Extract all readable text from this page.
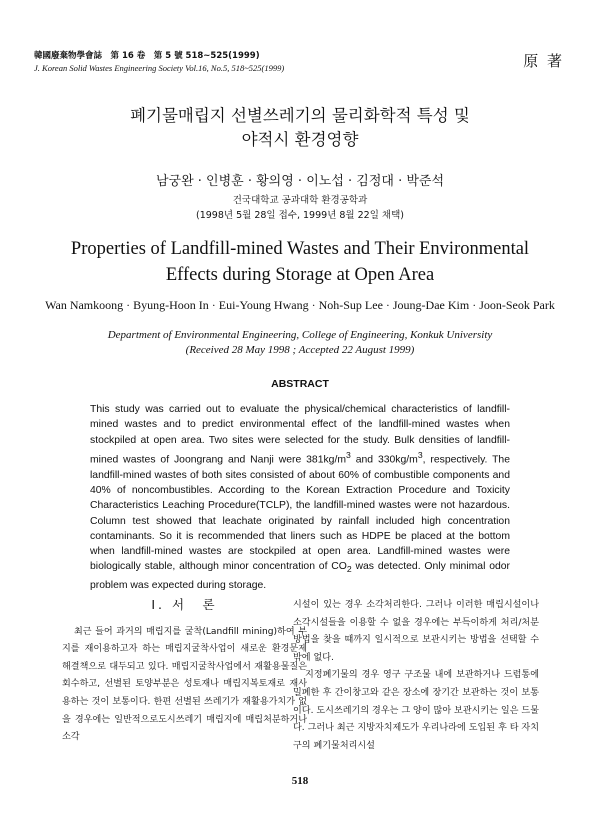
韓國廢棄物學會誌　第 16 卷　第 5 號 518~525(1999)
J. Korean Solid Wastes Engineering Society Vol.16, No.5, 518~525(1999)	原 著
폐기물매립지 선별쓰레기의 물리화학적 특성 및
야적시 환경영향
남궁완 · 인병훈 · 황의영 · 이노섭 · 김정대 · 박준석
건국대학교 공과대학 환경공학과
(1998년 5월 28일 접수, 1999년 8월 22일 채택)
Properties of Landfill-mined Wastes and Their Environmental
Effects during Storage at Open Area
Wan Namkoong · Byung-Hoon In · Eui-Young Hwang · Noh-Sup Lee · Joung-Dae Kim · Joon-Seok Park
Department of Environmental Engineering, College of Engineering, Konkuk University
(Received 28 May 1998 ; Accepted 22 August 1999)
ABSTRACT
This study was carried out to evaluate the physical/chemical characteristics of landfill-mined wastes and to predict environmental effect of the landfill-mined wastes when stockpiled at open area. Two sites were selected for the study. Bulk densities of landfill-mined wastes of Joongrang and Nanji were $381kg/m^3$ and $330kg/m^3$, respectively. The landfill-mined wastes of both sites consisted of about 60% of combustible components and 40% of noncombustibles. According to the Korean Extraction Procedure and Toxicity Characteristics Leaching Procedure(TCLP), the landfill-mined wastes were not hazardous. Column test showed that leachate originated by rainfall included high concentration contaminants. So it is recommended that liners such as HDPE be placed at the bottom when landfill-mined wastes are stockpiled at open area. Landfill-mined wastes were biologically stable, although minor concentration of $CO_2$ was detected. Only minimal odor problem was expected during storage.
Ⅰ. 서　론

최근 들어 과거의 매립지를 굴착(Landfill mining)하여 부지를 재이용하고자 하는 매립지굴착사업이 새로운 환경문제 해결책으로 대두되고 있다. 매립지굴착사업에서 재활용물질은 회수하고, 선별된 토양부분은 성토재나 매립지복토재로 재사용하는 것이 보통이다. 한편 선별된 쓰레기가 재활용가치가 없을 경우에는 일반적으로도시쓰레기 매립지에 매립처분하거나 소각

시설이 있는 경우 소각처리한다. 그러나 이러한 매립시설이나 소각시설들을 이용할 수 없을 경우에는 부득이하게 처리/처분방법을 찾을 때까지 일시적으로 보관시키는 방법을 선택할 수 밖에 없다.

지정폐기물의 경우 영구 구조물 내에 보관하거나 드럼통에 밀폐한 후 간이창고와 같은 장소에 장기간 보관하는 것이 보통이다. 도시쓰레기의 경우는 그 양이 많아 보관시키는 일은 드물다. 그러나 최근 지방자치제도가 우리나라에 도입된 후 타 자치구의 폐기물처리시설

518
